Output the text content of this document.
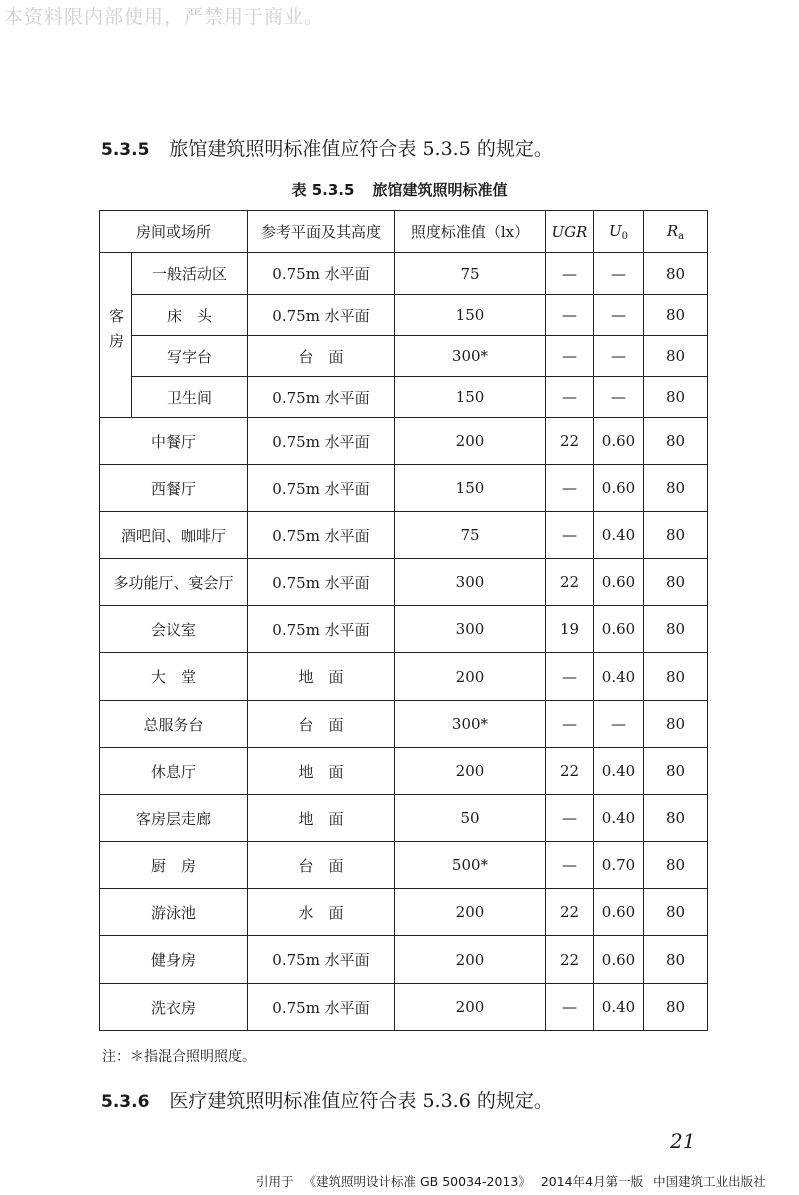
本资料限内部使用，严禁用于商业。
5.3.5 旅馆建筑照明标准值应符合表 5.3.5 的规定。
表 5.3.5 旅馆建筑照明标准值
房间或场所		参考平面及其高度	照度标准值（lx）	UGR	$U_0$	$R_a$
客房	一般活动区	0.75m 水平面	75	—	—	80
	床　头	0.75m 水平面	150	—	—	80
	写字台	台　面	300*	—	—	80
	卫生间	0.75m 水平面	150	—	—	80
中餐厅		0.75m 水平面	200	22	0.60	80
西餐厅		0.75m 水平面	150	—	0.60	80
酒吧间、咖啡厅		0.75m 水平面	75	—	0.40	80
多功能厅、宴会厅		0.75m 水平面	300	22	0.60	80
会议室		0.75m 水平面	300	19	0.60	80
大　堂		地　面	200	—	0.40	80
总服务台		台　面	300*	—	—	80
休息厅		地　面	200	22	0.40	80
客房层走廊		地　面	50	—	0.40	80
厨　房		台　面	500*	—	0.70	80
游泳池		水　面	200	22	0.60	80
健身房		0.75m 水平面	200	22	0.60	80
洗衣房		0.75m 水平面	200	—	0.40	80
注：＊指混合照明照度。
5.3.6 医疗建筑照明标准值应符合表 5.3.6 的规定。
21
引用于 《建筑照明设计标准 GB 50034-2013》 2014年4月第一版 中国建筑工业出版社
